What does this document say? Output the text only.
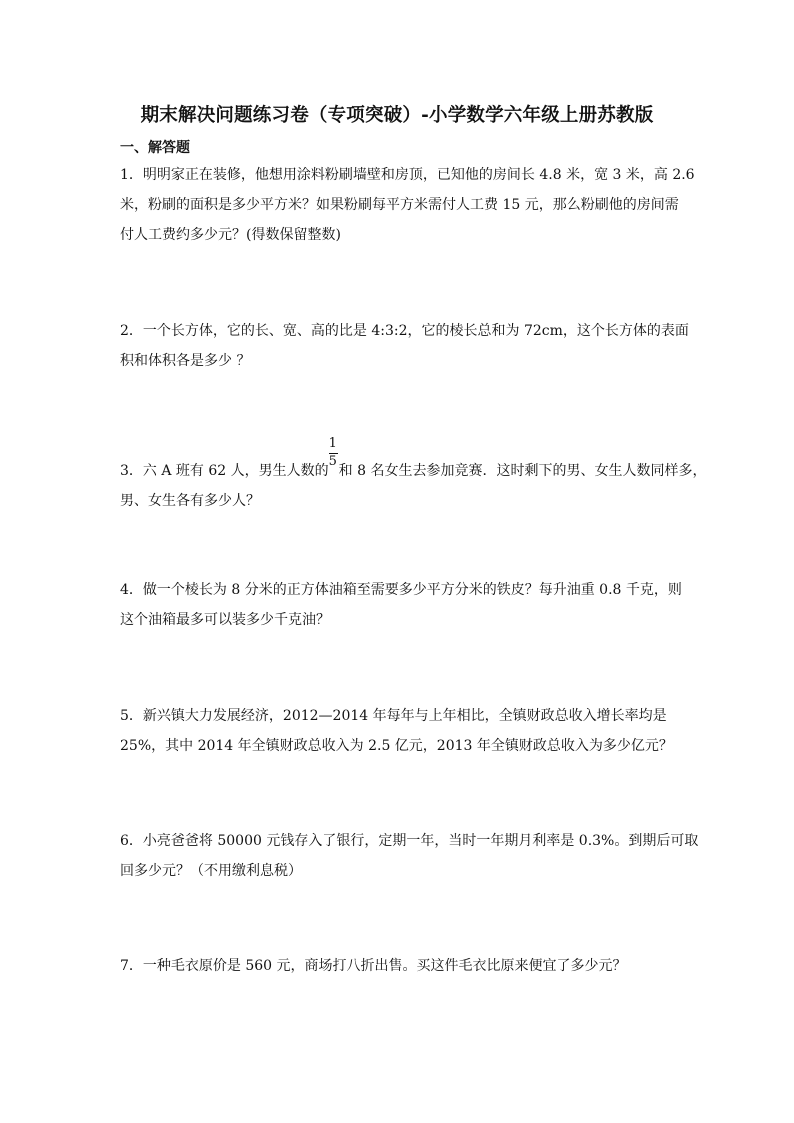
期末解决问题练习卷（专项突破）-小学数学六年级上册苏教版
一、解答题

1．明明家正在装修，他想用涂料粉刷墙壁和房顶，已知他的房间长 4.8 米，宽 3 米，高 2.6

米，粉刷的面积是多少平方米？如果粉刷每平方米需付人工费 15 元，那么粉刷他的房间需

付人工费约多少元？(得数保留整数)

2．一个长方体，它的长、宽、高的比是 4:3:2，它的棱长总和为 72cm，这个长方体的表面

积和体积各是多少 ？

3．六 A 班有 62 人，男生人数的 $\frac{1}{5}$ 和 8 名女生去参加竞赛．这时剩下的男、女生人数同样多，

男、女生各有多少人？

4．做一个棱长为 8 分米的正方体油箱至需要多少平方分米的铁皮？每升油重 0.8 千克，则

这个油箱最多可以装多少千克油？

5．新兴镇大力发展经济，2012—2014 年每年与上年相比，全镇财政总收入增长率均是

25%，其中 2014 年全镇财政总收入为 2.5 亿元，2013 年全镇财政总收入为多少亿元？

6．小亮爸爸将 50000 元钱存入了银行，定期一年，当时一年期月利率是 0.3%。到期后可取

回多少元？（不用缴利息税）

7．一种毛衣原价是 560 元，商场打八折出售。买这件毛衣比原来便宜了多少元？
